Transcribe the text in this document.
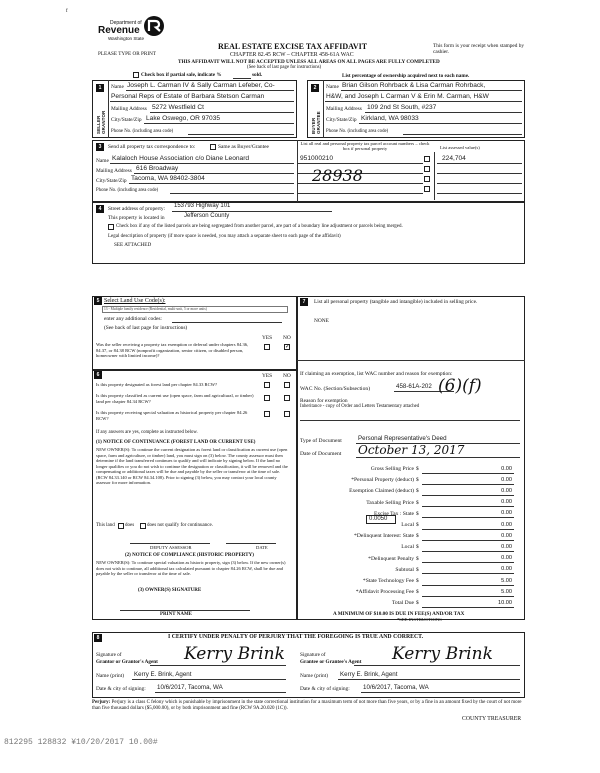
f
Department of
Revenue
Washington State
PLEASE TYPE OR PRINT
REAL ESTATE EXCISE TAX AFFIDAVIT
CHAPTER 82.45 RCW – CHAPTER 458-61A WAC
THIS AFFIDAVIT WILL NOT BE ACCEPTED UNLESS ALL AREAS ON ALL PAGES ARE FULLY COMPLETED
This form is your receipt when stamped by cashier.
(See back of last page for instructions)
Check box if partial sale, indicate %	sold.	List percentage of ownership acquired next to each name.
1
SELLER GRANTOR
Name Joseph L. Carman IV & Sally Carman Lefeber, Co-
Personal Reps of Estate of Barbara Stetson Carman
Mailing Address 5272 Westfield Ct
City/State/Zip Lake Oswego, OR 97035
Phone No. (including area code)
2
BUYER GRANTEE
Name Brian Gilson Rohrback & Lisa Carman Rohrback,
H&W, and Joseph L Carman V & Erin M. Carman, H&W
Mailing Address 109 2nd St South, #237
City/State/Zip Kirkland, WA 98033
Phone No. (including area code)
3	Send all property tax correspondence to:	Same as Buyer/Grantee
Name Kalaloch House Association c/o Diane Leonard
Mailing Address 616 Broadway
City/State/Zip Tacoma, WA 98402-3804
Phone No. (including area code)
List all real and personal property tax parcel account numbers – check box if personal property	List assessed value(s)
951000210	224,704
28938
4	Street address of property: 153793 Highway 101
This property is located in	Jefferson County
Check box if any of the listed parcels are being segregated from another parcel, are part of a boundary line adjustment or parcels being merged.
Legal description of property (if more space is needed, you may attach a separate sheet to each page of the affidavit)
SEE ATTACHED
5 Select Land Use Code(s):
13 - Multiple family residence (Residential, multi-unit, 5 or more units)
enter any additional codes:
(See back of last page for instructions)
YES NO
Was the seller receiving a property tax exemption or deferral under chapters 84.36, 84.37, or 84.38 RCW (nonprofit organization, senior citizen, or disabled person, homeowner with limited income)?
✓
6	YES NO
Is this property designated as forest land per chapter 84.33 RCW?
Is this property classified as current use (open space, farm and agricultural, or timber) land per chapter 84.34 RCW?
Is this property receiving special valuation as historical property per chapter 84.26 RCW?
If any answers are yes, complete as instructed below.
(1) NOTICE OF CONTINUANCE (FOREST LAND OR CURRENT USE)
NEW OWNER(S): To continue the current designation as forest land or classification as current use (open space, farm and agriculture, or timber) land, you must sign on (3) below. The county assessor must then determine if the land transferred continues to qualify and will indicate by signing below. If the land no longer qualifies or you do not wish to continue the designation or classification, it will be removed and the compensating or additional taxes will be due and payable by the seller or transferor at the time of sale. (RCW 84.33.140 or RCW 84.34.108). Prior to signing (3) below, you may contact your local county assessor for more information.
This land does	does not qualify for continuance.
DEPUTY ASSESSOR	DATE
(2) NOTICE OF COMPLIANCE (HISTORIC PROPERTY)
NEW OWNER(S): To continue special valuation as historic property, sign (3) below. If the new owner(s) does not wish to continue, all additional tax calculated pursuant to chapter 84.26 RCW, shall be due and payable by the seller or transferor at the time of sale.
(3) OWNER(S) SIGNATURE
PRINT NAME
7	List all personal property (tangible and intangible) included in selling price.
NONE
If claiming an exemption, list WAC number and reason for exemption:
WAC No. (Section/Subsection)	458-61A-202 (6)(f)
Reason for exemption
Inheritance - copy of Order and Letters Testamentary attached
Type of Document	Personal Representative's Deed
Date of Document October 13, 2017
Gross Selling Price $	0.00
*Personal Property (deduct) $	0.00
Exemption Claimed (deduct) $	0.00
Taxable Selling Price $	0.00
Excise Tax : State $	0.00
Local $	0.00
*Delinquent Interest: State $	0.00
Local $	0.00
*Delinquent Penalty $	0.00
Subtotal $	0.00
*State Technology Fee $	5.00
*Affidavit Processing Fee $	5.00
Total Due $	10.00
0.0050
A MINIMUM OF $10.00 IS DUE IN FEE(S) AND/OR TAX
*SEE INSTRUCTIONS
8	I CERTIFY UNDER PENALTY OF PERJURY THAT THE FOREGOING IS TRUE AND CORRECT.
Signature of
Grantor or Grantor's Agent Kerry Brink
Name (print) Kerry E. Brink, Agent
Date & city of signing: 10/6/2017, Tacoma, WA
Signature of
Grantee or Grantee's Agent Kerry Brink
Name (print) Kerry E. Brink, Agent
Date & city of signing: 10/6/2017, Tacoma, WA
Perjury: Perjury is a class C felony which is punishable by imprisonment in the state correctional institution for a maximum term of not more than five years, or by a fine in an amount fixed by the court of not more than five thousand dollars ($5,000.00), or by both imprisonment and fine (RCW 9A.20.020 (1C)).
COUNTY TREASURER
812295 128832 ¥10/20/2017 10.00#
